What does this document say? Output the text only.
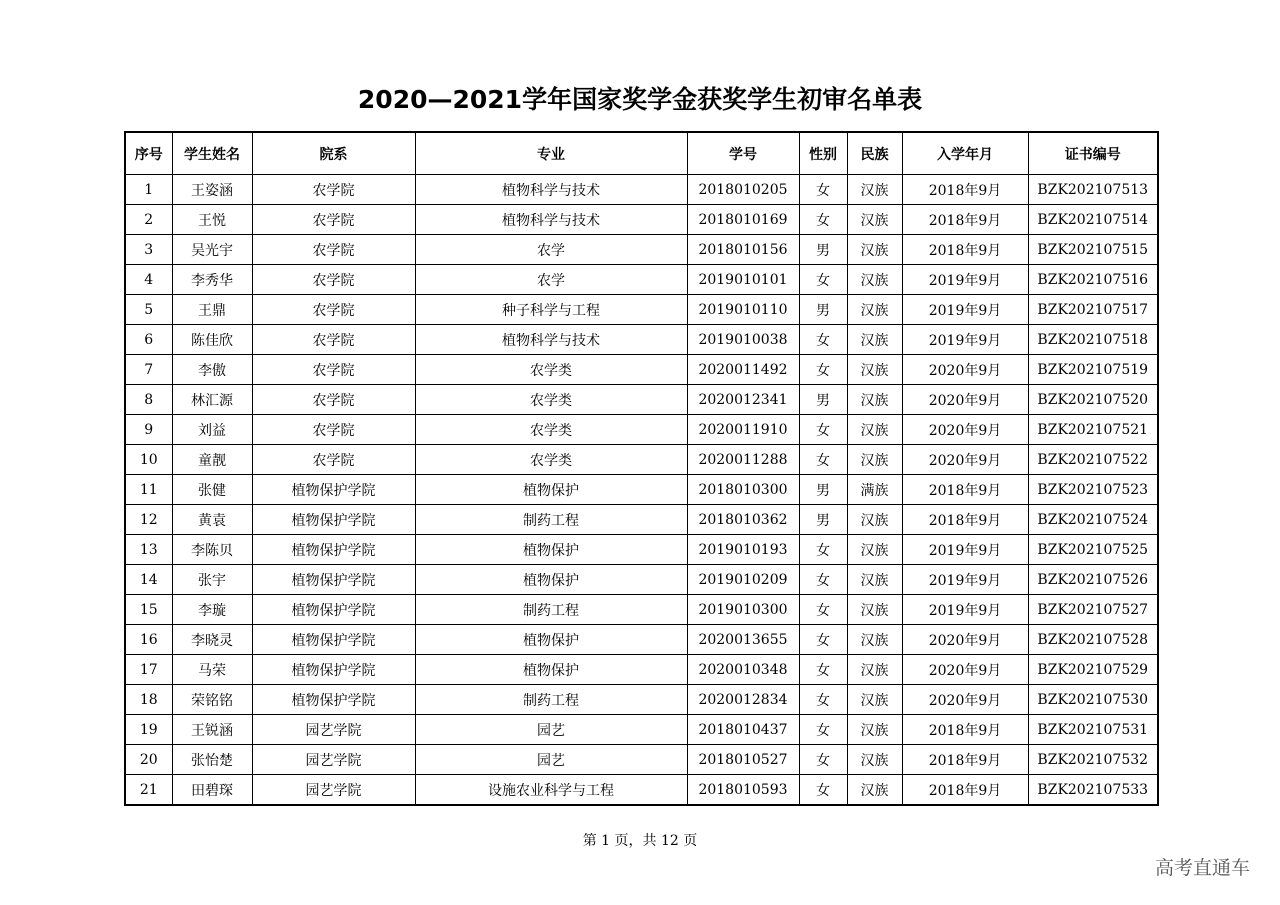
2020—2021学年国家奖学金获奖学生初审名单表
序号	学生姓名	院系	专业	学号	性别	民族	入学年月	证书编号
1	王姿涵	农学院	植物科学与技术	2018010205	女	汉族	2018年9月	BZK202107513
2	王悦	农学院	植物科学与技术	2018010169	女	汉族	2018年9月	BZK202107514
3	吴光宇	农学院	农学	2018010156	男	汉族	2018年9月	BZK202107515
4	李秀华	农学院	农学	2019010101	女	汉族	2019年9月	BZK202107516
5	王鼎	农学院	种子科学与工程	2019010110	男	汉族	2019年9月	BZK202107517
6	陈佳欣	农学院	植物科学与技术	2019010038	女	汉族	2019年9月	BZK202107518
7	李傲	农学院	农学类	2020011492	女	汉族	2020年9月	BZK202107519
8	林汇源	农学院	农学类	2020012341	男	汉族	2020年9月	BZK202107520
9	刘益	农学院	农学类	2020011910	女	汉族	2020年9月	BZK202107521
10	童靓	农学院	农学类	2020011288	女	汉族	2020年9月	BZK202107522
11	张健	植物保护学院	植物保护	2018010300	男	满族	2018年9月	BZK202107523
12	黄袁	植物保护学院	制药工程	2018010362	男	汉族	2018年9月	BZK202107524
13	李陈贝	植物保护学院	植物保护	2019010193	女	汉族	2019年9月	BZK202107525
14	张宇	植物保护学院	植物保护	2019010209	女	汉族	2019年9月	BZK202107526
15	李璇	植物保护学院	制药工程	2019010300	女	汉族	2019年9月	BZK202107527
16	李晓灵	植物保护学院	植物保护	2020013655	女	汉族	2020年9月	BZK202107528
17	马荣	植物保护学院	植物保护	2020010348	女	汉族	2020年9月	BZK202107529
18	荣铭铭	植物保护学院	制药工程	2020012834	女	汉族	2020年9月	BZK202107530
19	王锐涵	园艺学院	园艺	2018010437	女	汉族	2018年9月	BZK202107531
20	张怡楚	园艺学院	园艺	2018010527	女	汉族	2018年9月	BZK202107532
21	田碧琛	园艺学院	设施农业科学与工程	2018010593	女	汉族	2018年9月	BZK202107533
第 1 页，共 12 页
高考直通车
